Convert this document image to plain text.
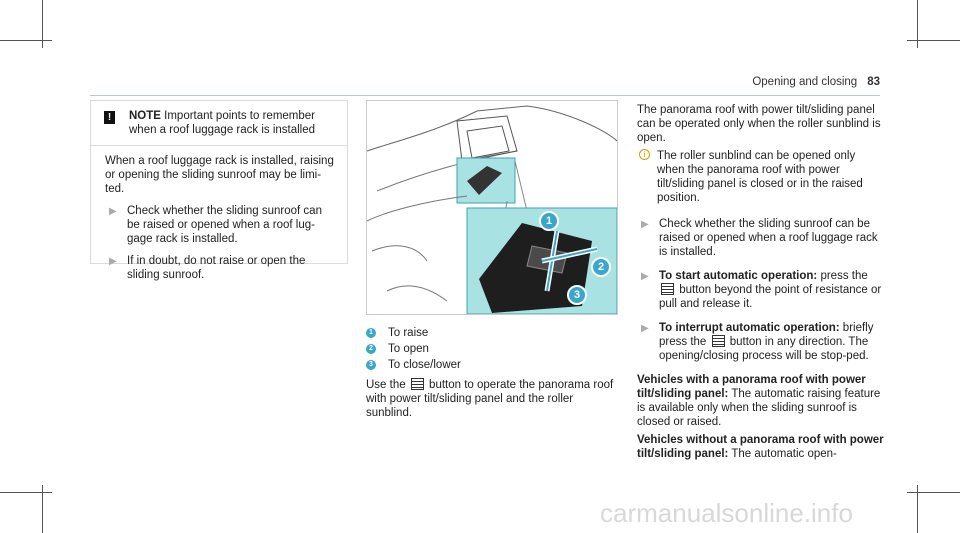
Opening and closing 83
!	NOTE Important points to remember when a roof luggage rack is installed
When a roof luggage rack is installed, raising or opening the sliding sunroof may be limi-ted.
▶ Check whether the sliding sunroof can be raised or opened when a roof lug-gage rack is installed.
▶ If in doubt, do not raise or open the sliding sunroof.
1
2
3
1 To raise
2 To open
3 To close/lower
Use the button to operate the panorama roof with power tilt/sliding panel and the roller sunblind.
The panorama roof with power tilt/sliding panel can be operated only when the roller sunblind is open.
i	The roller sunblind can be opened only when the panorama roof with power tilt/sliding panel is closed or in the raised position.
▶ Check whether the sliding sunroof can be raised or opened when a roof luggage rack is installed.
▶ To start automatic operation: press the  button beyond the point of resistance or pull and release it.
▶ To interrupt automatic operation: briefly press the button in any direction. The opening/closing process will be stop-ped.
Vehicles with a panorama roof with power tilt/sliding panel: The automatic raising feature is available only when the sliding sunroof is closed or raised.
Vehicles without a panorama roof with power tilt/sliding panel: The automatic open-
carmanualsonline.info
